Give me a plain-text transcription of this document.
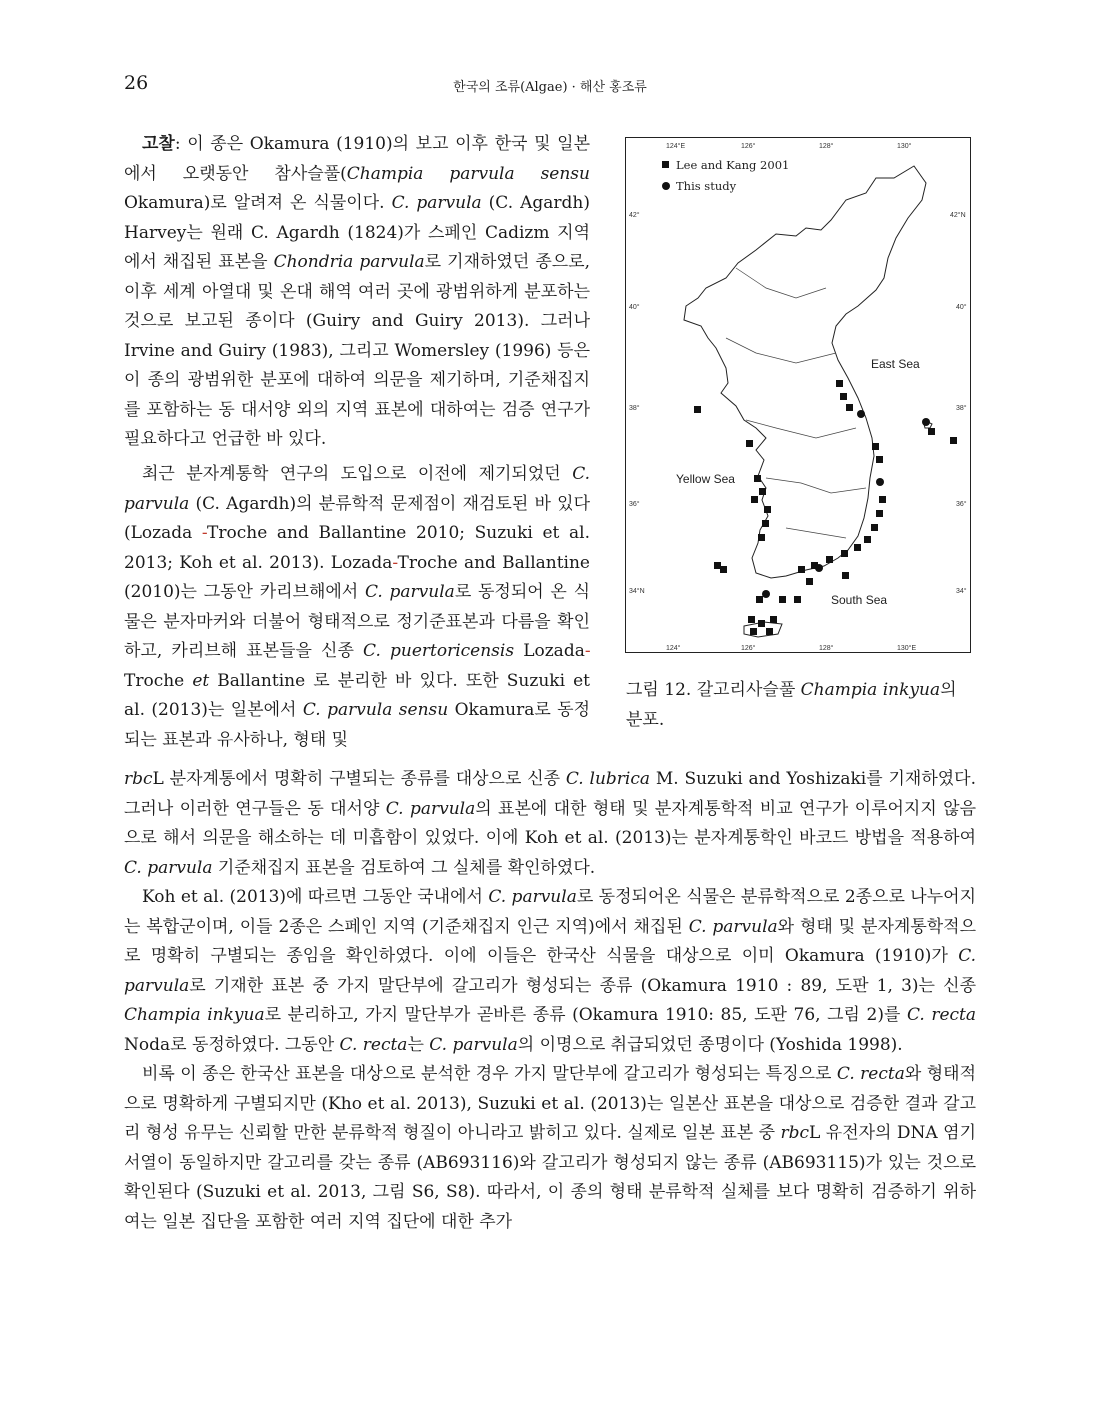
26	한국의 조류(Algae) · 해산 홍조류

고찰: 이 종은 Okamura (1910)의 보고 이후 한국 및 일본에서 오랫동안 참사슬풀(Champia parvula sensu Okamura)로 알려져 온 식물이다. C. parvula (C. Agardh) Harvey는 원래 C. Agardh (1824)가 스페인 Cadizm 지역에서 채집된 표본을 Chondria parvula로 기재하였던 종으로, 이후 세계 아열대 및 온대 해역 여러 곳에 광범위하게 분포하는 것으로 보고된 종이다 (Guiry and Guiry 2013). 그러나 Irvine and Guiry (1983), 그리고 Womersley (1996) 등은 이 종의 광범위한 분포에 대하여 의문을 제기하며, 기준채집지를 포함하는 동 대서양 외의 지역 표본에 대하여는 검증 연구가 필요하다고 언급한 바 있다.

124°E	126°	128°	130°
124°	126°	128°	130°E
42°
40°
38°
36°
34°N
42°N
40°
38°
36°
34°
East Sea
Yellow Sea
South Sea
Lee and Kang 2001
This study
그림 12. 갈고리사슬풀 Champia inkyua의 분포.

최근 분자계통학 연구의 도입으로 이전에 제기되었던 C. parvula (C. Agardh)의 분류학적 문제점이 재검토된 바 있다 (Lozada -Troche and Ballantine 2010; Suzuki et al. 2013; Koh et al. 2013). Lozada-Troche and Ballantine (2010)는 그동안 카리브해에서 C. parvula로 동정되어 온 식물은 분자마커와 더불어 형태적으로 정기준표본과 다름을 확인하고, 카리브해 표본들을 신종 C. puertoricensis Lozada-Troche et Ballantine 로 분리한 바 있다. 또한 Suzuki et al. (2013)는 일본에서 C. parvula sensu Okamura로 동정되는 표본과 유사하나, 형태 및

rbcL 분자계통에서 명확히 구별되는 종류를 대상으로 신종 C. lubrica M. Suzuki and Yoshizaki를 기재하였다. 그러나 이러한 연구들은 동 대서양 C. parvula의 표본에 대한 형태 및 분자계통학적 비교 연구가 이루어지지 않음으로 해서 의문을 해소하는 데 미흡함이 있었다. 이에 Koh et al. (2013)는 분자계통학인 바코드 방법을 적용하여 C. parvula 기준채집지 표본을 검토하여 그 실체를 확인하였다.

Koh et al. (2013)에 따르면 그동안 국내에서 C. parvula로 동정되어온 식물은 분류학적으로 2종으로 나누어지는 복합군이며, 이들 2종은 스페인 지역 (기준채집지 인근 지역)에서 채집된 C. parvula와 형태 및 분자계통학적으로 명확히 구별되는 종임을 확인하였다. 이에 이들은 한국산 식물을 대상으로 이미 Okamura (1910)가 C. parvula로 기재한 표본 중 가지 말단부에 갈고리가 형성되는 종류 (Okamura 1910 : 89, 도판 1, 3)는 신종 Champia inkyua로 분리하고, 가지 말단부가 곧바른 종류 (Okamura 1910: 85, 도판 76, 그림 2)를 C. recta Noda로 동정하였다. 그동안 C. recta는 C. parvula의 이명으로 취급되었던 종명이다 (Yoshida 1998).

비록 이 종은 한국산 표본을 대상으로 분석한 경우 가지 말단부에 갈고리가 형성되는 특징으로 C. recta와 형태적으로 명확하게 구별되지만 (Kho et al. 2013), Suzuki et al. (2013)는 일본산 표본을 대상으로 검증한 결과 갈고리 형성 유무는 신뢰할 만한 분류학적 형질이 아니라고 밝히고 있다. 실제로 일본 표본 중 rbcL 유전자의 DNA 염기서열이 동일하지만 갈고리를 갖는 종류 (AB693116)와 갈고리가 형성되지 않는 종류 (AB693115)가 있는 것으로 확인된다 (Suzuki et al. 2013, 그림 S6, S8). 따라서, 이 종의 형태 분류학적 실체를 보다 명확히 검증하기 위하여는 일본 집단을 포함한 여러 지역 집단에 대한 추가
